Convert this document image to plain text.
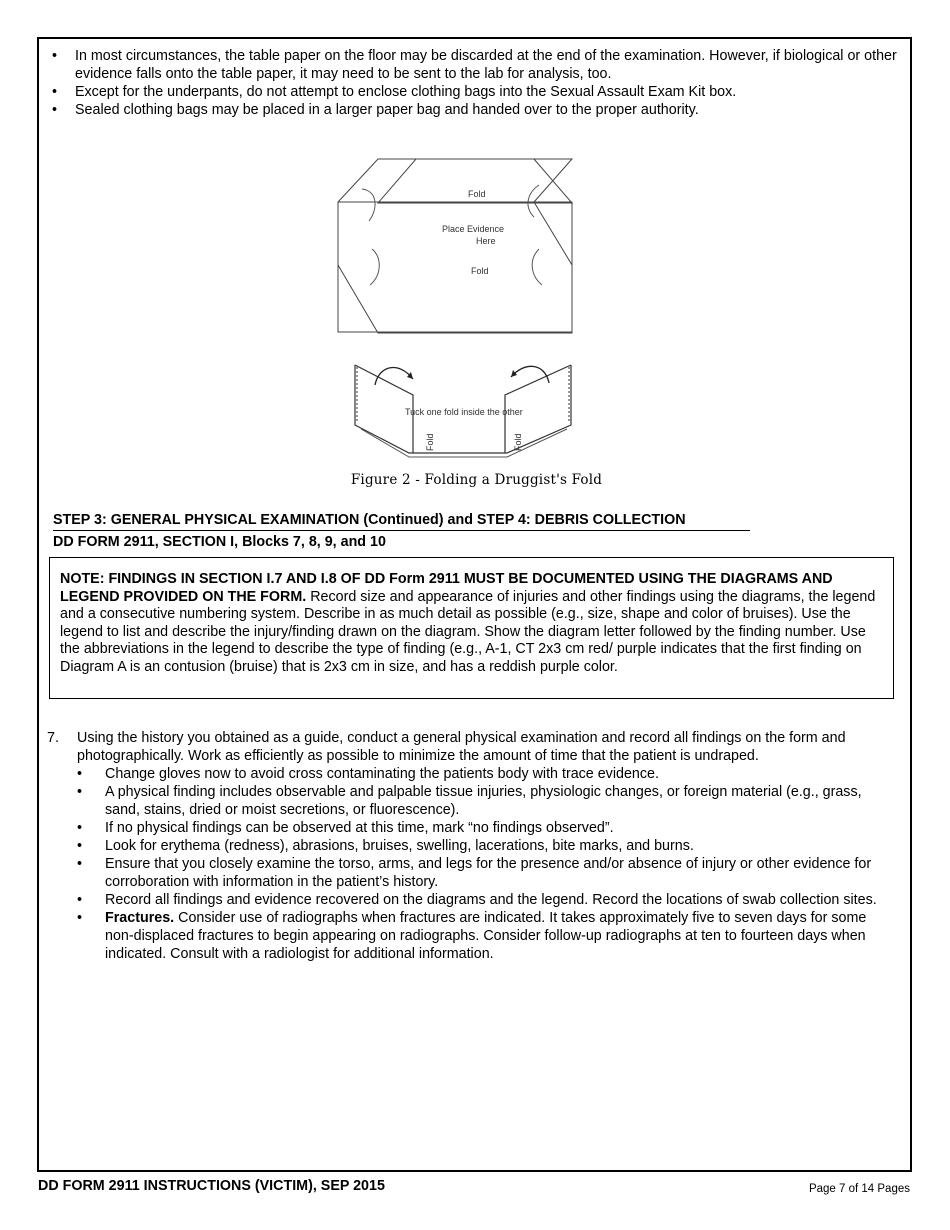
• In most circumstances, the table paper on the floor may be discarded at the end of the examination. However, if biological or other evidence falls onto the table paper, it may need to be sent to the lab for analysis, too.
• Except for the underpants, do not attempt to enclose clothing bags into the Sexual Assault Exam Kit box.
• Sealed clothing bags may be placed in a larger paper bag and handed over to the proper authority.
Fold
Place Evidence
Here
Fold
Tuck one fold inside the other
Fold	Fold
Figure 2 - Folding a Druggist's Fold
STEP 3: GENERAL PHYSICAL EXAMINATION (Continued) and STEP 4: DEBRIS COLLECTION
DD FORM 2911, SECTION I, Blocks 7, 8, 9, and 10
NOTE: FINDINGS IN SECTION I.7 AND I.8 OF DD Form 2911 MUST BE DOCUMENTED USING THE DIAGRAMS AND LEGEND PROVIDED ON THE FORM. Record size and appearance of injuries and other findings using the diagrams, the legend and a consecutive numbering system. Describe in as much detail as possible (e.g., size, shape and color of bruises). Use the legend to list and describe the injury/finding drawn on the diagram. Show the diagram letter followed by the finding number. Use the abbreviations in the legend to describe the type of finding (e.g., A-1, CT 2x3 cm red/ purple indicates that the first finding on Diagram A is an contusion (bruise) that is 2x3 cm in size, and has a reddish purple color.
7.	Using the history you obtained as a guide, conduct a general physical examination and record all findings on the form and photographically. Work as efficiently as possible to minimize the amount of time that the patient is undraped.
• Change gloves now to avoid cross contaminating the patients body with trace evidence.
• A physical finding includes observable and palpable tissue injuries, physiologic changes, or foreign material (e.g., grass, sand, stains, dried or moist secretions, or fluorescence).
• If no physical findings can be observed at this time, mark “no findings observed”.
• Look for erythema (redness), abrasions, bruises, swelling, lacerations, bite marks, and burns.
• Ensure that you closely examine the torso, arms, and legs for the presence and/or absence of injury or other evidence for corroboration with information in the patient’s history.
• Record all findings and evidence recovered on the diagrams and the legend. Record the locations of swab collection sites.
• Fractures. Consider use of radiographs when fractures are indicated. It takes approximately five to seven days for some non-displaced fractures to begin appearing on radiographs. Consider follow-up radiographs at ten to fourteen days when indicated. Consult with a radiologist for additional information.
DD FORM 2911 INSTRUCTIONS (VICTIM), SEP 2015	Page 7 of 14 Pages
